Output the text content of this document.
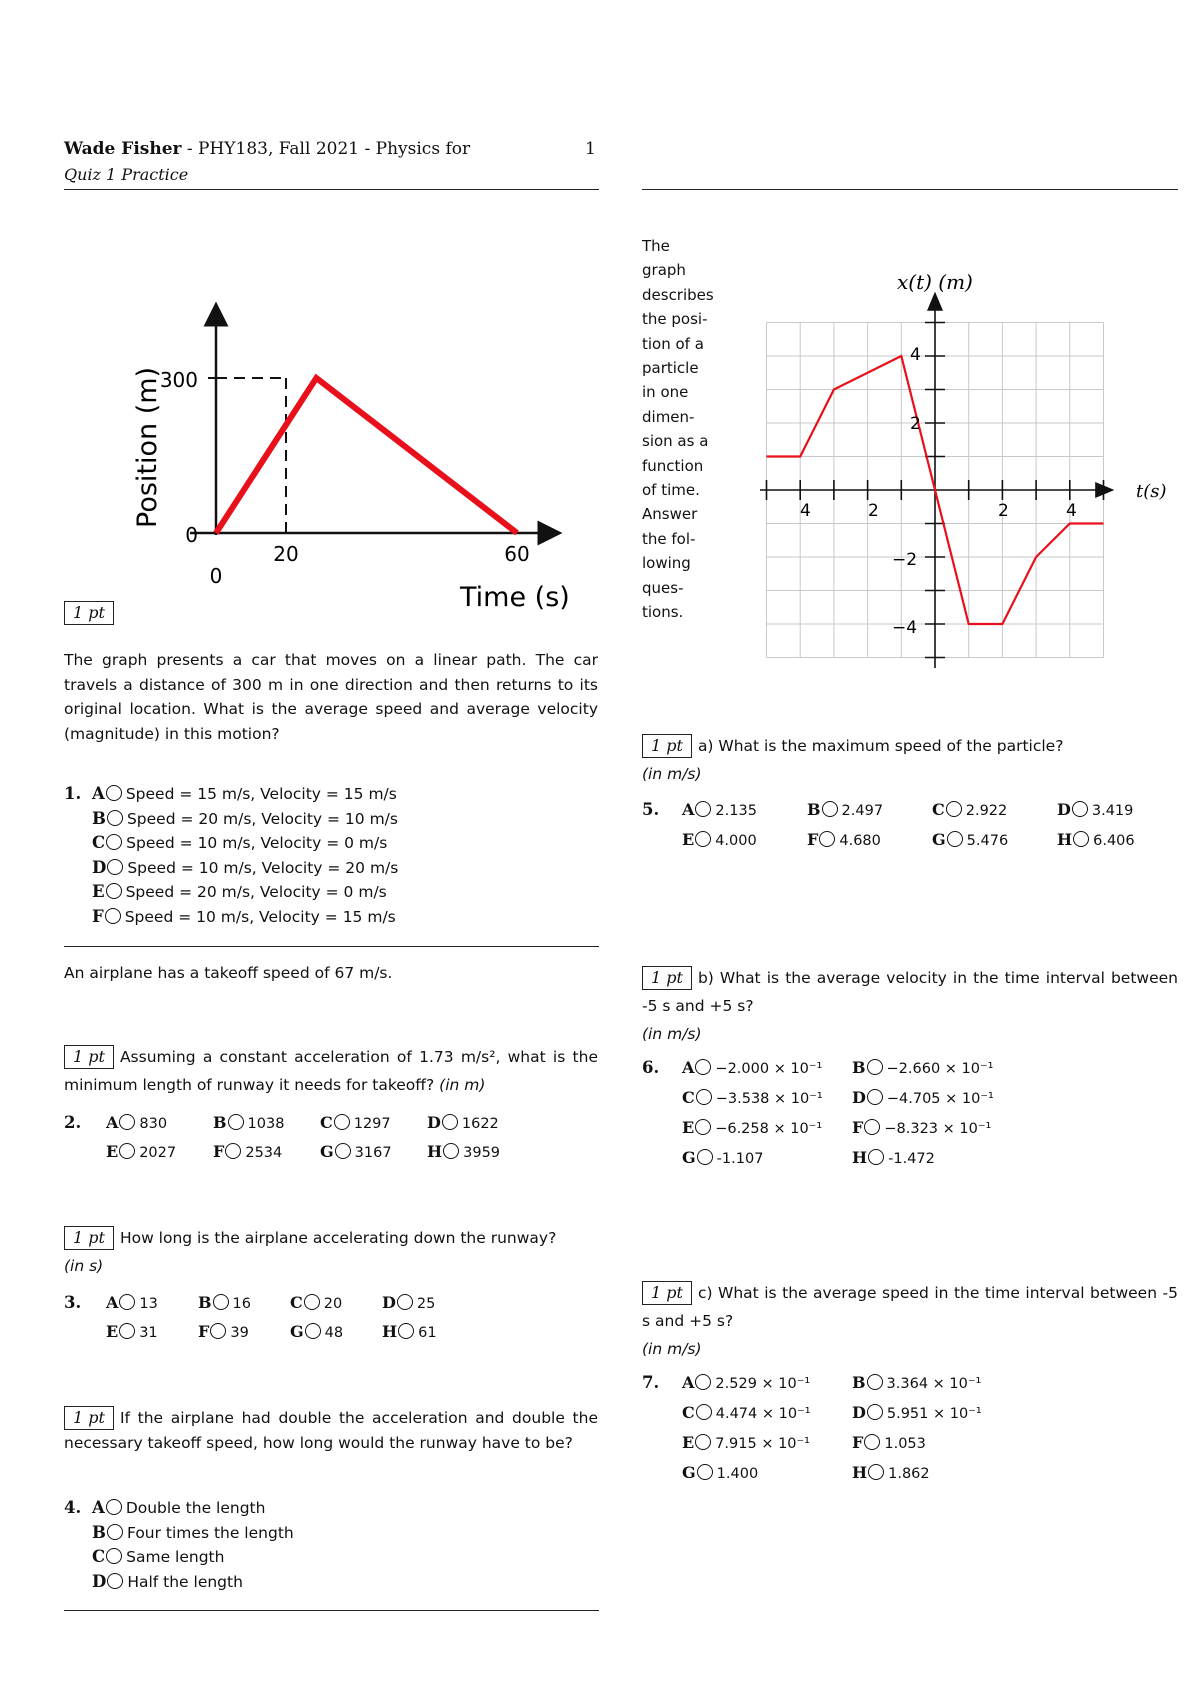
Wade Fisher - PHY183, Fall 2021 - Physics for	1
Quiz 1 Practice
300
0
0
20	60
Time (s)
Position (m)
1 pt
The graph presents a car that moves on a linear path. The car travels a distance of 300 m in one direction and then returns to its original location. What is the average speed and average velocity (magnitude) in this motion?
1. A Speed = 15 m/s, Velocity = 15 m/s
B Speed = 20 m/s, Velocity = 10 m/s
C Speed = 10 m/s, Velocity = 0 m/s
D Speed = 10 m/s, Velocity = 20 m/s
E Speed = 20 m/s, Velocity = 0 m/s
F Speed = 10 m/s, Velocity = 15 m/s
An airplane has a takeoff speed of 67 m/s.
1 pt Assuming a constant acceleration of 1.73 m/s², what is the minimum length of runway it needs for takeoff? (in m)
2. A 830	B 1038 C 1297 D 1622
E 2027 F 2534 G 3167 H 3959
1 pt How long is the airplane accelerating down the runway?
(in s)
3. A 13	B 16 C 20 D 25
E 31	F 39	G 48 H 61
1 pt If the airplane had double the acceleration and double the necessary takeoff speed, how long would the runway have to be?
4. A Double the length
B Four times the length
C Same length
D Half the length
The
graph
describes
the posi-
tion of a
particle
in one
dimen-
sion as a
function
of time.
Answer
the fol-
lowing
ques-
tions.
x(t) (m)
t(s)
4
2
−2
−4
4	2	2	4
1 pt a) What is the maximum speed of the particle?
(in m/s)
5. A 2.135	B 2.497	C 2.922	D 3.419
E 4.000	F 4.680	G 5.476	H 6.406
1 pt b) What is the average velocity in the time interval between -5 s and +5 s?
(in m/s)
6. A −2.000 × 10⁻¹ B −2.660 × 10⁻¹
C −3.538 × 10⁻¹ D −4.705 × 10⁻¹
E −6.258 × 10⁻¹ F −8.323 × 10⁻¹
G -1.107	H -1.472
1 pt c) What is the average speed in the time interval between -5 s and +5 s?
(in m/s)
7. A 2.529 × 10⁻¹	B 3.364 × 10⁻¹
C 4.474 × 10⁻¹	D 5.951 × 10⁻¹
E 7.915 × 10⁻¹	F 1.053
G 1.400	H 1.862
